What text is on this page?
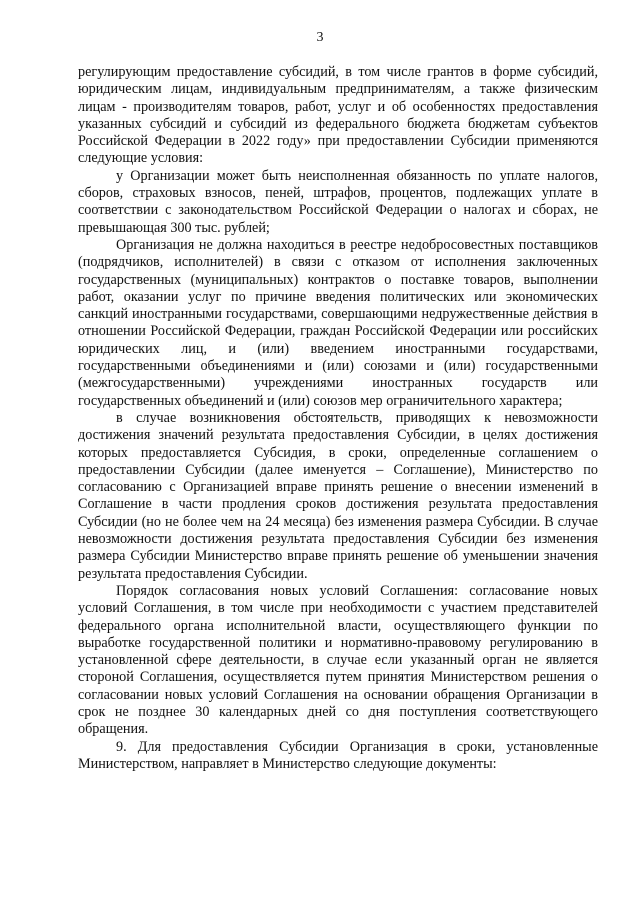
3

регулирующим предоставление субсидий, в том числе грантов в форме субсидий, юридическим лицам, индивидуальным предпринимателям, а также физическим лицам - производителям товаров, работ, услуг и об особенностях предоставления указанных субсидий и субсидий из федерального бюджета бюджетам субъектов Российской Федерации в 2022 году» при предоставлении Субсидии применяются следующие условия:

у Организации может быть неисполненная обязанность по уплате налогов, сборов, страховых взносов, пеней, штрафов, процентов, подлежащих уплате в соответствии с законодательством Российской Федерации о налогах и сборах, не превышающая 300 тыс. рублей;

Организация не должна находиться в реестре недобросовестных поставщиков (подрядчиков, исполнителей) в связи с отказом от исполнения заключенных государственных (муниципальных) контрактов о поставке товаров, выполнении работ, оказании услуг по причине введения политических или экономических санкций иностранными государствами, совершающими недружественные действия в отношении Российской Федерации, граждан Российской Федерации или российских юридических лиц, и (или) введением иностранными государствами, государственными объединениями и (или) союзами и (или) государственными (межгосударственными) учреждениями иностранных государств или государственных объединений и (или) союзов мер ограничительного характера;

в случае возникновения обстоятельств, приводящих к невозможности достижения значений результата предоставления Субсидии, в целях достижения которых предоставляется Субсидия, в сроки, определенные соглашением о предоставлении Субсидии (далее именуется – Соглашение), Министерство по согласованию с Организацией вправе принять решение о внесении изменений в Соглашение в части продления сроков достижения результата предоставления Субсидии (но не более чем на 24 месяца) без изменения размера Субсидии. В случае невозможности достижения результата предоставления Субсидии без изменения размера Субсидии Министерство вправе принять решение об уменьшении значения результата предоставления Субсидии.

Порядок согласования новых условий Соглашения: согласование новых условий Соглашения, в том числе при необходимости с участием представителей федерального органа исполнительной власти, осуществляющего функции по выработке государственной политики и нормативно-правовому регулированию в установленной сфере деятельности, в случае если указанный орган не является стороной Соглашения, осуществляется путем принятия Министерством решения о согласовании новых условий Соглашения на основании обращения Организации в срок не позднее 30 календарных дней со дня поступления соответствующего обращения.

9. Для предоставления Субсидии Организация в сроки, установленные Министерством, направляет в Министерство следующие документы:
